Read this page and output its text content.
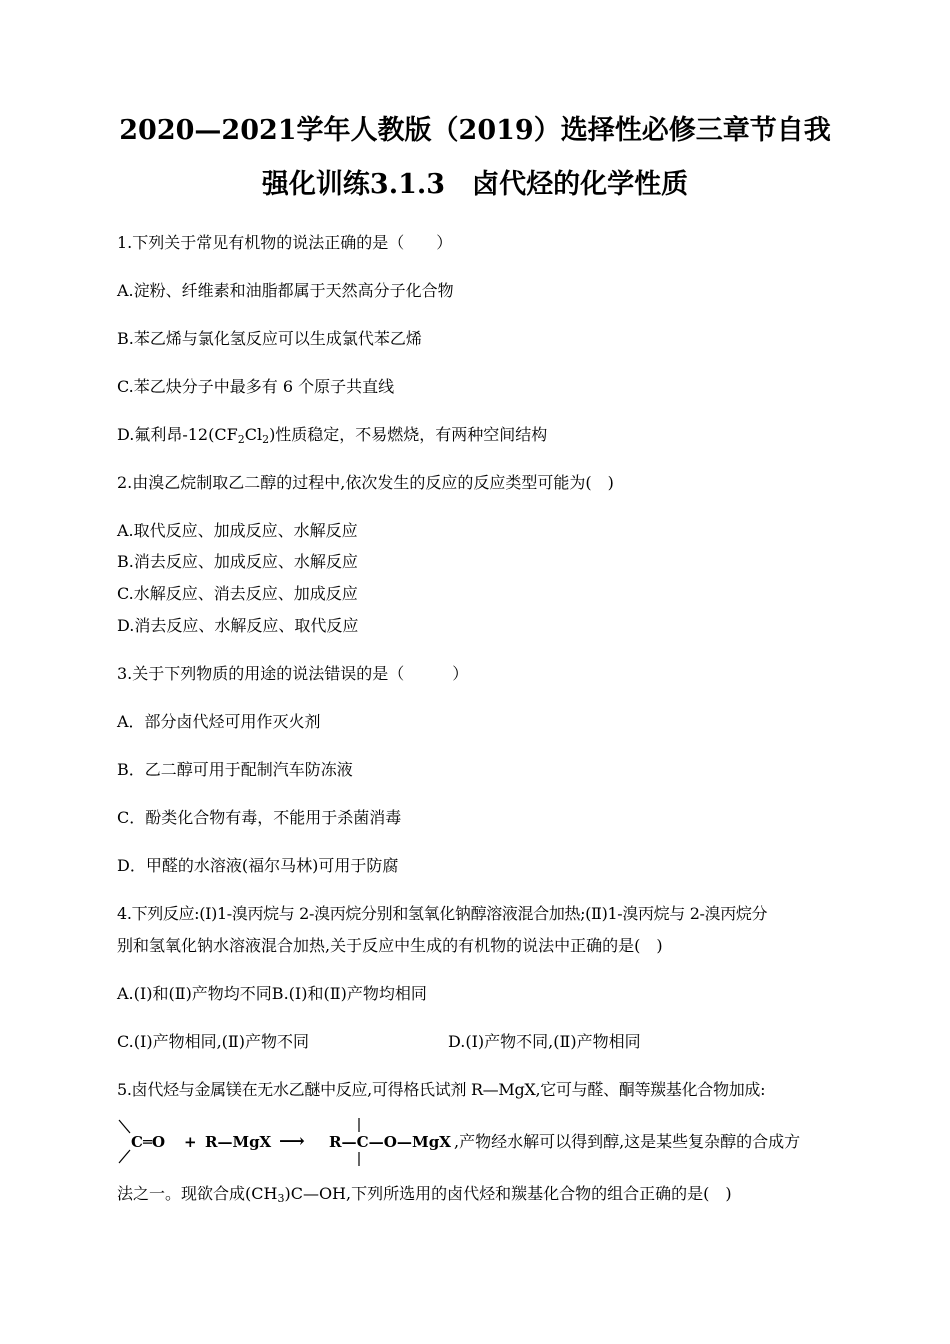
2020—2021学年人教版（2019）选择性必修三章节自我
强化训练3.1.3　卤代烃的化学性质
1.下列关于常见有机物的说法正确的是（　　）
A.淀粉、纤维素和油脂都属于天然高分子化合物
B.苯乙烯与氯化氢反应可以生成氯代苯乙烯
C.苯乙炔分子中最多有 6 个原子共直线
D.氟利昂$-12(CF_2Cl_2)$性质稳定，不易燃烧，有两种空间结构
2.由溴乙烷制取乙二醇的过程中,依次发生的反应的反应类型可能为(　)
A.取代反应、加成反应、水解反应
B.消去反应、加成反应、水解反应
C.水解反应、消去反应、加成反应
D.消去反应、水解反应、取代反应
3.关于下列物质的用途的说法错误的是（　　　）
A．部分卤代烃可用作灭火剂
B．乙二醇可用于配制汽车防冻液
C．酚类化合物有毒，不能用于杀菌消毒
D．甲醛的水溶液(福尔马林)可用于防腐
4.下列反应:(Ⅰ)1-溴丙烷与 2-溴丙烷分别和氢氧化钠醇溶液混合加热;(Ⅱ)1-溴丙烷与 2-溴丙烷分
别和氢氧化钠水溶液混合加热,关于反应中生成的有机物的说法中正确的是(　)
A.(Ⅰ)和(Ⅱ)产物均不同B.(Ⅰ)和(Ⅱ)产物均相同
C.(Ⅰ)产物相同,(Ⅱ)产物不同	D.(Ⅰ)产物不同,(Ⅱ)产物相同
5.卤代烃与金属镁在无水乙醚中反应,可得格氏试剂 R—MgX,它可与醛、酮等羰基化合物加成:
C═O + R—MgX ⟶ R—C—O—MgX ,产物经水解可以得到醇,这是某些复杂醇的合成方
法之一。现欲合成$(CH_3)C—OH$,下列所选用的卤代烃和羰基化合物的组合正确的是(　)
